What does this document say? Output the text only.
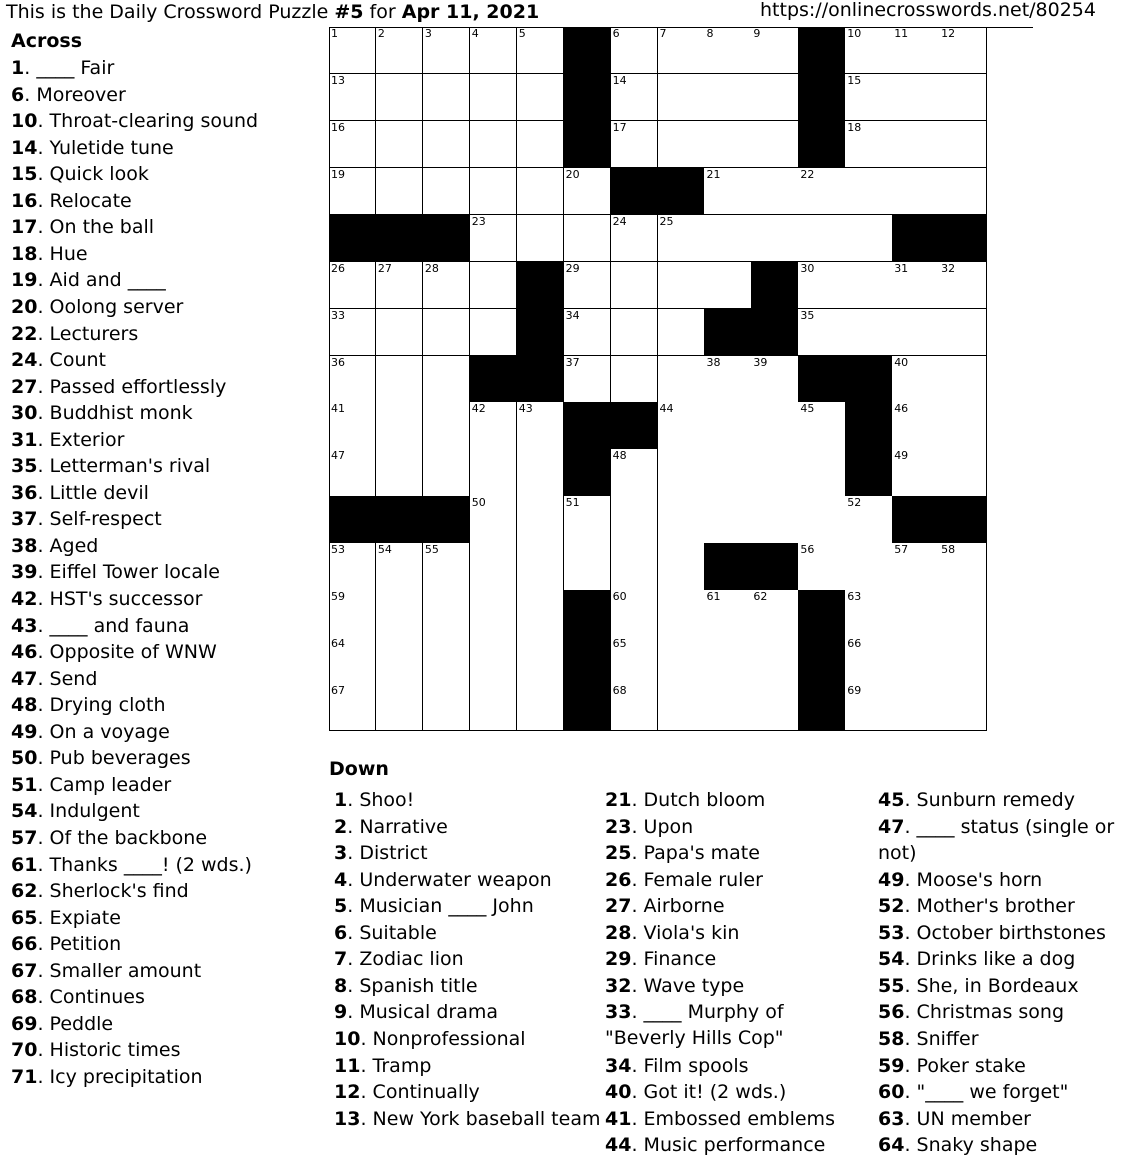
This is the Daily Crossword Puzzle #5 for Apr 11, 2021	https://onlinecrosswords.net/80254
Across
1. ____ Fair
6. Moreover
10. Throat-clearing sound
14. Yuletide tune
15. Quick look
16. Relocate
17. On the ball
18. Hue
19. Aid and ____
20. Oolong server
22. Lecturers
24. Count
27. Passed effortlessly
30. Buddhist monk
31. Exterior
35. Letterman's rival
36. Little devil
37. Self-respect
38. Aged
39. Eiffel Tower locale
42. HST's successor
43. ____ and fauna
46. Opposite of WNW
47. Send
48. Drying cloth
49. On a voyage
50. Pub beverages
51. Camp leader
54. Indulgent
57. Of the backbone
61. Thanks ____! (2 wds.)
62. Sherlock's find
65. Expiate
66. Petition
67. Smaller amount
68. Continues
69. Peddle
70. Historic times
71. Icy precipitation
1	2	3	4	5	6	7	8	9	10	11	12
13	14	15
16	17	18
19	20	21	22
23	24	25
26	27	28	29	30	31	32
33	34	35
36	37	38	39	40
41	42	43	44	45	46
47	48	49
50	51	52
53	54	55	56	57	58
59	60	61	62	63
64	65	66
67	68	69
Down
1. Shoo!
2. Narrative
3. District
4. Underwater weapon
5. Musician ____ John
6. Suitable
7. Zodiac lion
8. Spanish title
9. Musical drama
10. Nonprofessional
11. Tramp
12. Continually
13. New York baseball team
21. Dutch bloom
23. Upon
25. Papa's mate
26. Female ruler
27. Airborne
28. Viola's kin
29. Finance
32. Wave type
33. ____ Murphy of "Beverly Hills Cop"
34. Film spools
40. Got it! (2 wds.)
41. Embossed emblems
44. Music performance
45. Sunburn remedy
47. ____ status (single or not)
49. Moose's horn
52. Mother's brother
53. October birthstones
54. Drinks like a dog
55. She, in Bordeaux
56. Christmas song
58. Sniffer
59. Poker stake
60. "____ we forget"
63. UN member
64. Snaky shape
